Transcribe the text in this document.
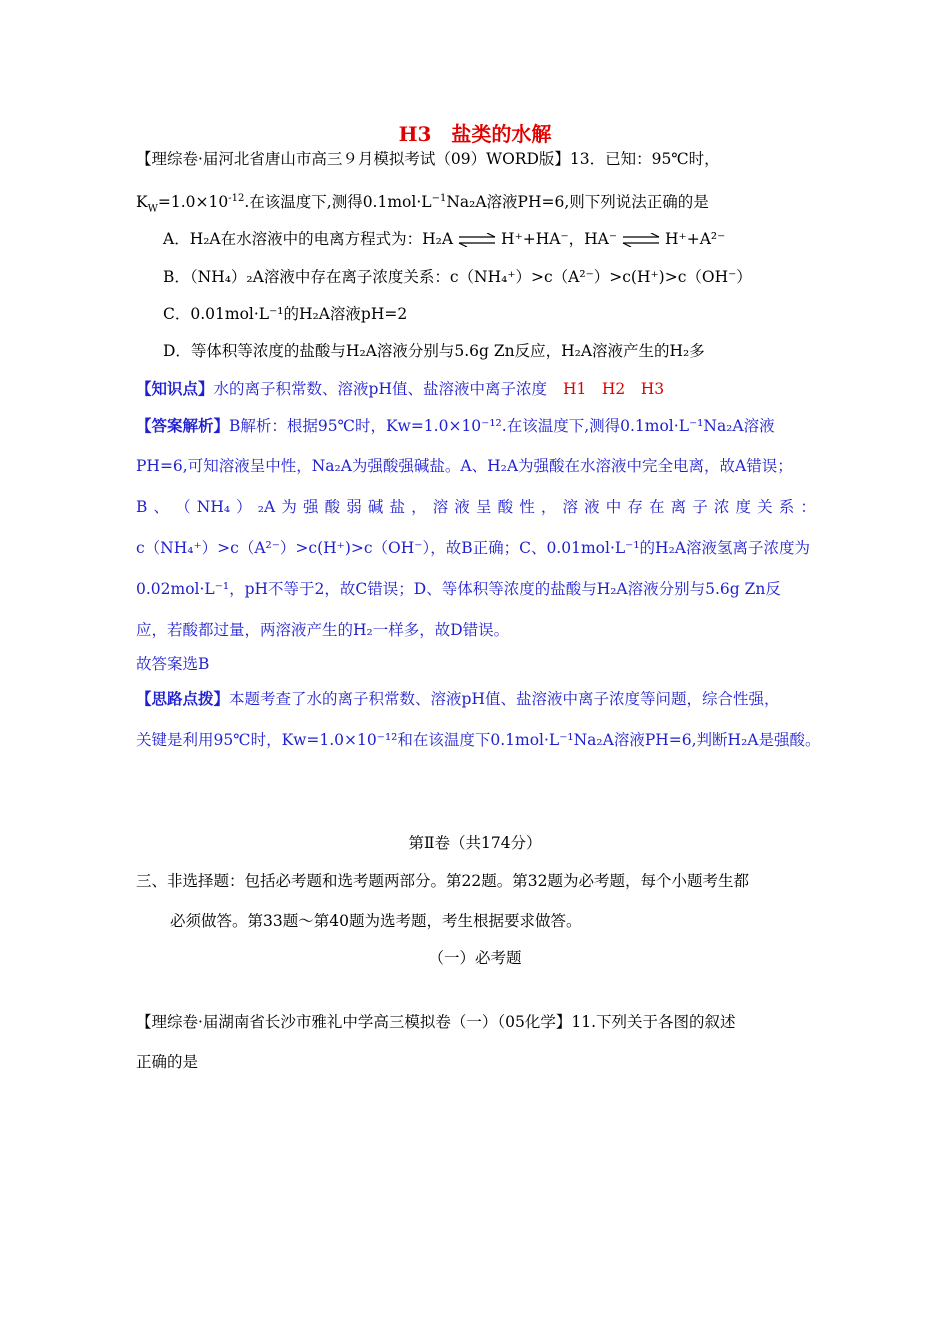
H3　盐类的水解
【理综卷·届河北省唐山市高三９月模拟考试（09）WORD版】13．已知：95℃时，
$K_W=1.0\times 10^{-12}$.在该温度下,测得$0.1mol\cdot L^{-1}Na_2A$溶液PH=6,则下列说法正确的是
A．H₂A在水溶液中的电离方程式为：H₂A ⇌ H⁺+HA⁻，HA⁻ ⇌ H⁺+A²⁻
B．（NH₄）₂A溶液中存在离子浓度关系：c（NH₄⁺）>c（A²⁻）>c(H⁺)>c（OH⁻）
C．0.01mol·L⁻¹的H₂A溶液pH=2
D．等体积等浓度的盐酸与H₂A溶液分别与5.6g Zn反应，H₂A溶液产生的H₂多
【知识点】水的离子积常数、溶液pH值、盐溶液中离子浓度 H1　H2　H3
【答案解析】B解析：根据95℃时，Kw=1.0×10⁻¹².在该温度下,测得0.1mol·L⁻¹Na₂A溶液
PH=6,可知溶液呈中性，Na₂A为强酸强碱盐。A、H₂A为强酸在水溶液中完全电离，故A错误；
B 、 （ NH₄ ） ₂A 为 强 酸 弱 碱 盐 ， 溶 液 呈 酸 性 ， 溶 液 中 存 在 离 子 浓 度 关 系 ：
c（NH₄⁺）>c（A²⁻）>c(H⁺)>c（OH⁻），故B正确；C、0.01mol·L⁻¹的H₂A溶液氢离子浓度为
0.02mol·L⁻¹，pH不等于2，故C错误；D、等体积等浓度的盐酸与H₂A溶液分别与5.6g Zn反
应，若酸都过量，两溶液产生的H₂一样多，故D错误。
故答案选B
【思路点拨】本题考查了水的离子积常数、溶液pH值、盐溶液中离子浓度等问题，综合性强，
关键是利用95℃时，Kw=1.0×10⁻¹²和在该温度下0.1mol·L⁻¹Na₂A溶液PH=6,判断H₂A是强酸。
第Ⅱ卷（共174分）
三、非选择题：包括必考题和选考题两部分。第22题。第32题为必考题，每个小题考生都
必须做答。第33题～第40题为选考题，考生根据要求做答。
（一）必考题
【理综卷·届湖南省长沙市雅礼中学高三模拟卷（一）（05化学】11.下列关于各图的叙述
正确的是
